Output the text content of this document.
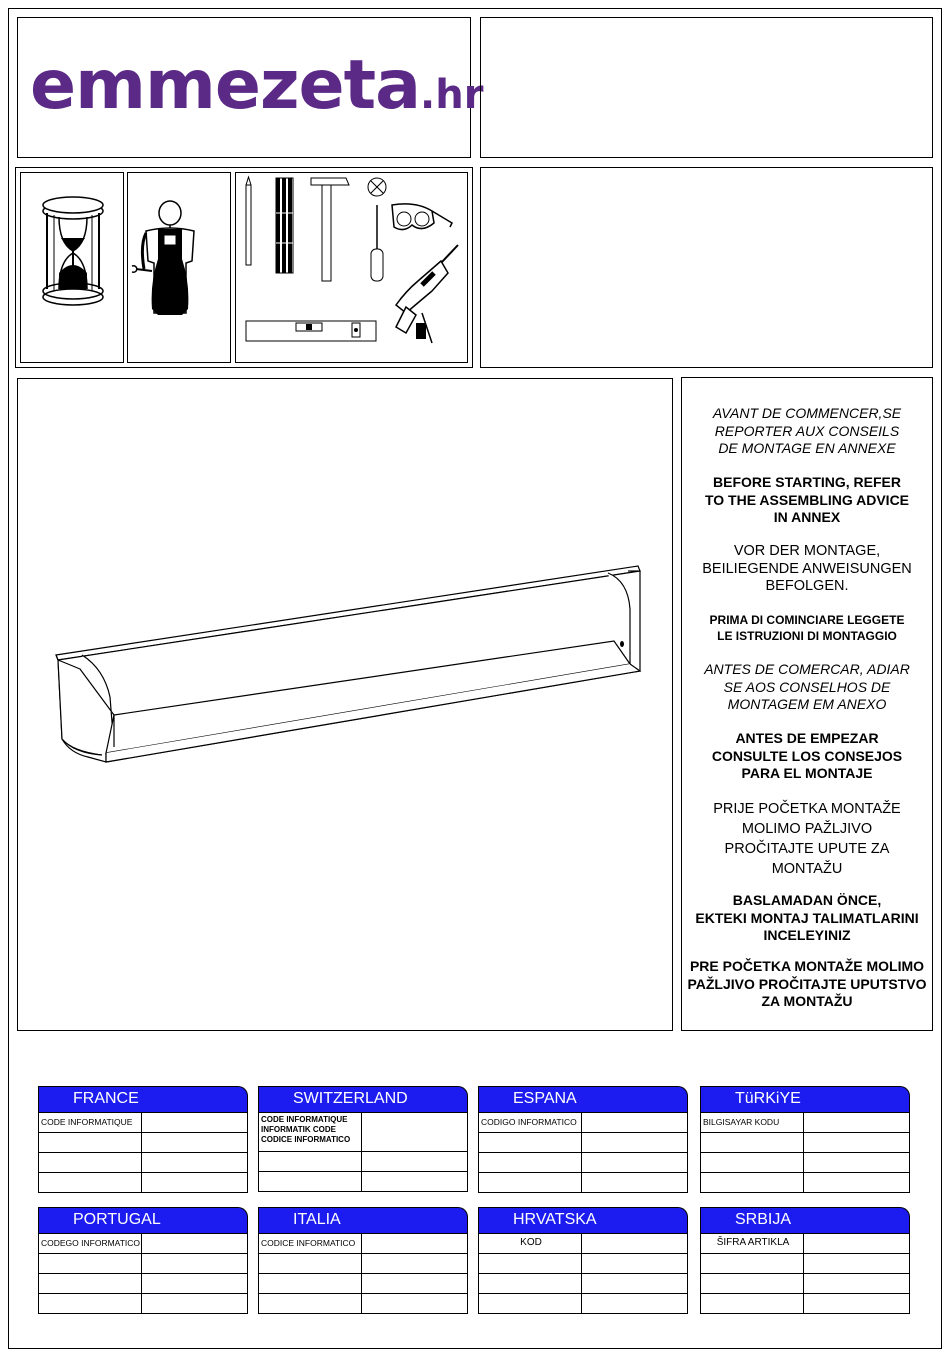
emmezeta.hr
AVANT DE COMMENCER,SE
REPORTER AUX CONSEILS
DE MONTAGE EN ANNEXE
BEFORE STARTING, REFER
TO THE ASSEMBLING ADVICE
IN ANNEX
VOR DER MONTAGE,
BEILIEGENDE ANWEISUNGEN
BEFOLGEN.
PRIMA DI COMINCIARE LEGGETE
LE ISTRUZIONI DI MONTAGGIO
ANTES DE COMERCAR, ADIAR
SE AOS CONSELHOS DE
MONTAGEM EM ANEXO
ANTES DE EMPEZAR
CONSULTE LOS CONSEJOS
PARA EL MONTAJE
PRIJE POČETKA MONTAŽE
MOLIMO PAŽLJIVO
PROČITAJTE UPUTE ZA
MONTAŽU
BASLAMADAN ÖNCE,
EKTEKI MONTAJ TALIMATLARINI
INCELEYINIZ
PRE POČETKA MONTAŽE MOLIMO
PAŽLJIVO PROČITAJTE UPUTSTVO
ZA MONTAŽU
FRANCE
CODE INFORMATIQUE
SWITZERLAND
CODE INFORMATIQUE
INFORMATIK CODE
CODICE INFORMATICO
ESPANA
CODIGO INFORMATICO
TüRKiYE
BILGISAYAR KODU
PORTUGAL
CODEGO INFORMATICO
ITALIA
CODICE INFORMATICO
HRVATSKA
KOD
SRBIJA
ŠIFRA ARTIKLA
